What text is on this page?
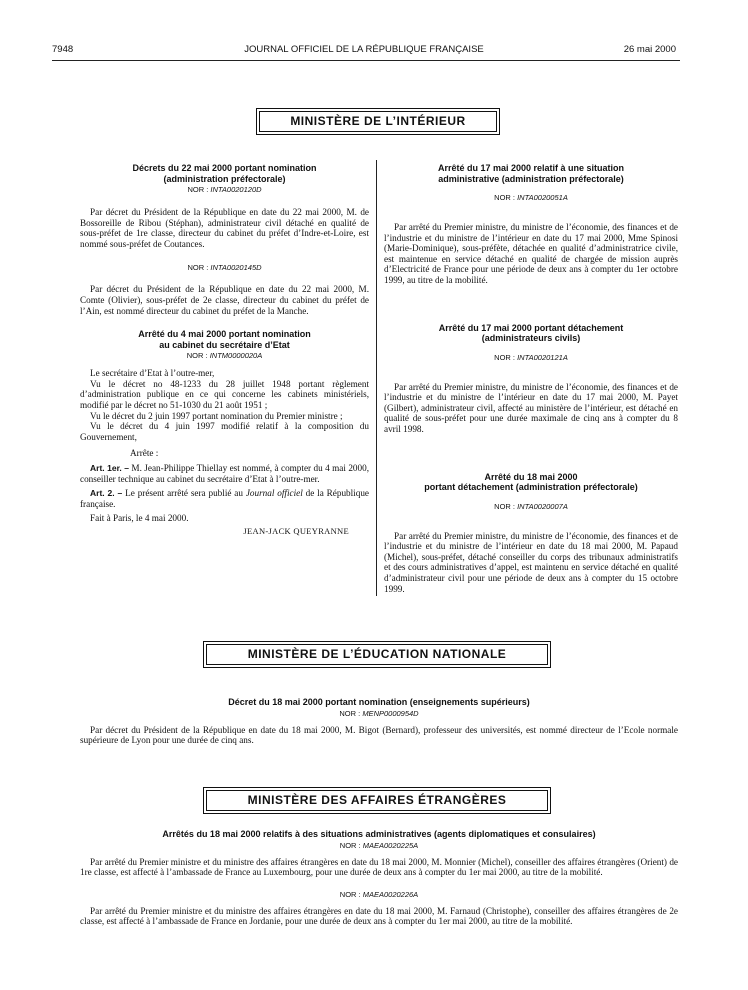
7948	JOURNAL OFFICIEL DE LA RÉPUBLIQUE FRANÇAISE	26 mai 2000
MINISTÈRE DE L’INTÉRIEUR
Décrets du 22 mai 2000 portant nomination
(administration préfectorale)
NOR : INTA0020120D

Par décret du Président de la République en date du 22 mai 2000, M. de Bossoreille de Ribou (Stéphan), administrateur civil détaché en qualité de sous-préfet de 1re classe, directeur du cabinet du préfet d’Indre-et-Loire, est nommé sous-préfet de Coutances.

NOR : INTA0020145D

Par décret du Président de la République en date du 22 mai 2000, M. Comte (Olivier), sous-préfet de 2e classe, directeur du cabinet du préfet de l’Ain, est nommé directeur du cabinet du préfet de la Manche.

Arrêté du 4 mai 2000 portant nomination
au cabinet du secrétaire d’Etat
NOR : INTM0000020A

Le secrétaire d’Etat à l’outre-mer,

Vu le décret no 48-1233 du 28 juillet 1948 portant règlement d’administration publique en ce qui concerne les cabinets ministériels, modifié par le décret no 51-1030 du 21 août 1951 ;

Vu le décret du 2 juin 1997 portant nomination du Premier ministre ;

Vu le décret du 4 juin 1997 modifié relatif à la composition du Gouvernement,

Arrête :

Art. 1er. – M. Jean-Philippe Thiellay est nommé, à compter du 4 mai 2000, conseiller technique au cabinet du secrétaire d’Etat à l’outre-mer.

Art. 2. – Le présent arrêté sera publié au Journal officiel de la République française.

Fait à Paris, le 4 mai 2000.

JEAN-JACK QUEYRANNE
Arrêté du 17 mai 2000 relatif à une situation
administrative (administration préfectorale)
NOR : INTA0020051A

Par arrêté du Premier ministre, du ministre de l’économie, des finances et de l’industrie et du ministre de l’intérieur en date du 17 mai 2000, Mme Spinosi (Marie-Dominique), sous-préfète, détachée en qualité d’administratrice civile, est maintenue en service détaché en qualité de chargée de mission auprès d’Electricité de France pour une période de deux ans à compter du 1er octobre 1999, au titre de la mobilité.

Arrêté du 17 mai 2000 portant détachement
(administrateurs civils)
NOR : INTA0020121A

Par arrêté du Premier ministre, du ministre de l’économie, des finances et de l’industrie et du ministre de l’intérieur en date du 17 mai 2000, M. Payet (Gilbert), administrateur civil, affecté au ministère de l’intérieur, est détaché en qualité de sous-préfet pour une durée maximale de cinq ans à compter du 8 avril 1998.

Arrêté du 18 mai 2000
portant détachement (administration préfectorale)
NOR : INTA0020007A

Par arrêté du Premier ministre, du ministre de l’économie, des finances et de l’industrie et du ministre de l’intérieur en date du 18 mai 2000, M. Papaud (Michel), sous-préfet, détaché conseiller du corps des tribunaux administratifs et des cours administratives d’appel, est maintenu en service détaché en qualité d’administrateur civil pour une période de deux ans à compter du 15 octobre 1999.

MINISTÈRE DE L’ÉDUCATION NATIONALE
Décret du 18 mai 2000 portant nomination (enseignements supérieurs)
NOR : MENP0000954D

Par décret du Président de la République en date du 18 mai 2000, M. Bigot (Bernard), professeur des universités, est nommé directeur de l’Ecole normale supérieure de Lyon pour une durée de cinq ans.

MINISTÈRE DES AFFAIRES ÉTRANGÈRES
Arrêtés du 18 mai 2000 relatifs à des situations administratives (agents diplomatiques et consulaires)
NOR : MAEA0020225A

Par arrêté du Premier ministre et du ministre des affaires étrangères en date du 18 mai 2000, M. Monnier (Michel), conseiller des affaires étrangères (Orient) de 1re classe, est affecté à l’ambassade de France au Luxembourg, pour une durée de deux ans à compter du 1er mai 2000, au titre de la mobilité.

NOR : MAEA0020226A

Par arrêté du Premier ministre et du ministre des affaires étrangères en date du 18 mai 2000, M. Farnaud (Christophe), conseiller des affaires étrangères de 2e classe, est affecté à l’ambassade de France en Jordanie, pour une durée de deux ans à compter du 1er mai 2000, au titre de la mobilité.
